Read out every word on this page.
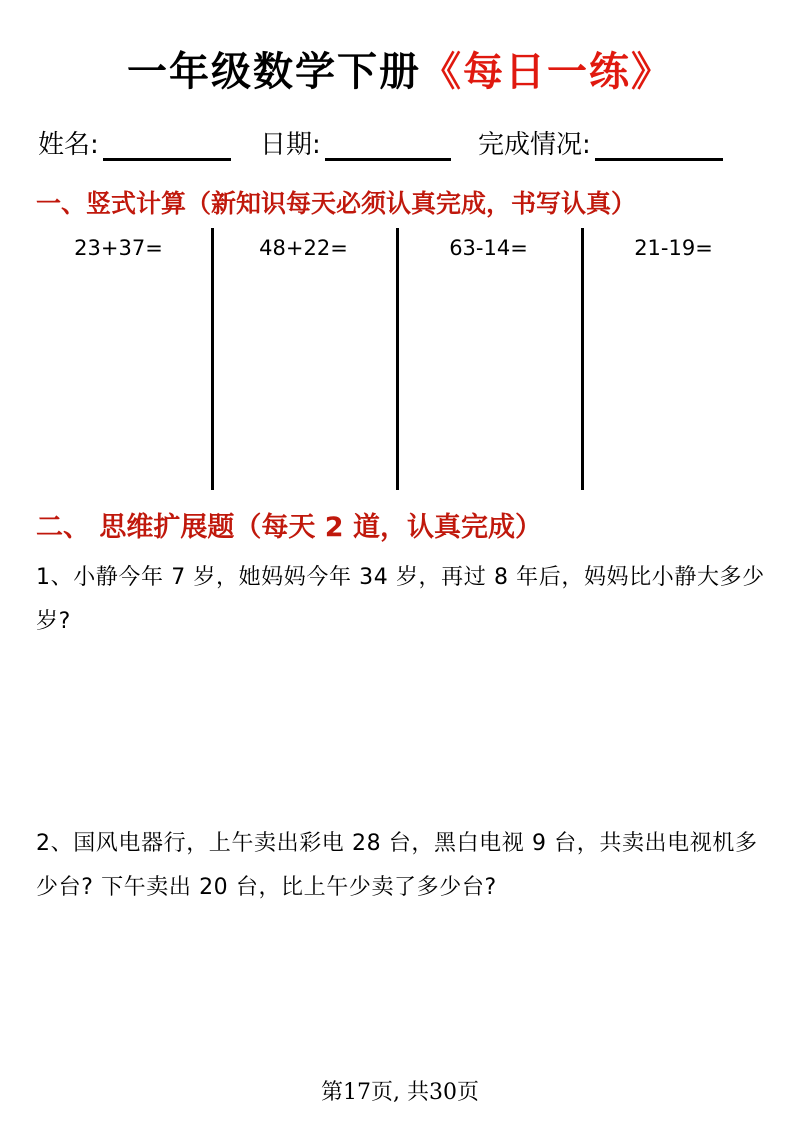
一年级数学下册《每日一练》
姓名:	日期:	完成情况:
一、竖式计算（新知识每天必须认真完成，书写认真）
23+37=	48+22=	63-14=	21-19=
二、 思维扩展题（每天 2 道，认真完成）
1、小静今年 7 岁，她妈妈今年 34 岁，再过 8 年后，妈妈比小静大多少岁?
2、国风电器行，上午卖出彩电 28 台，黑白电视 9 台，共卖出电视机多少台? 下午卖出 20 台，比上午少卖了多少台?
第17页, 共30页
